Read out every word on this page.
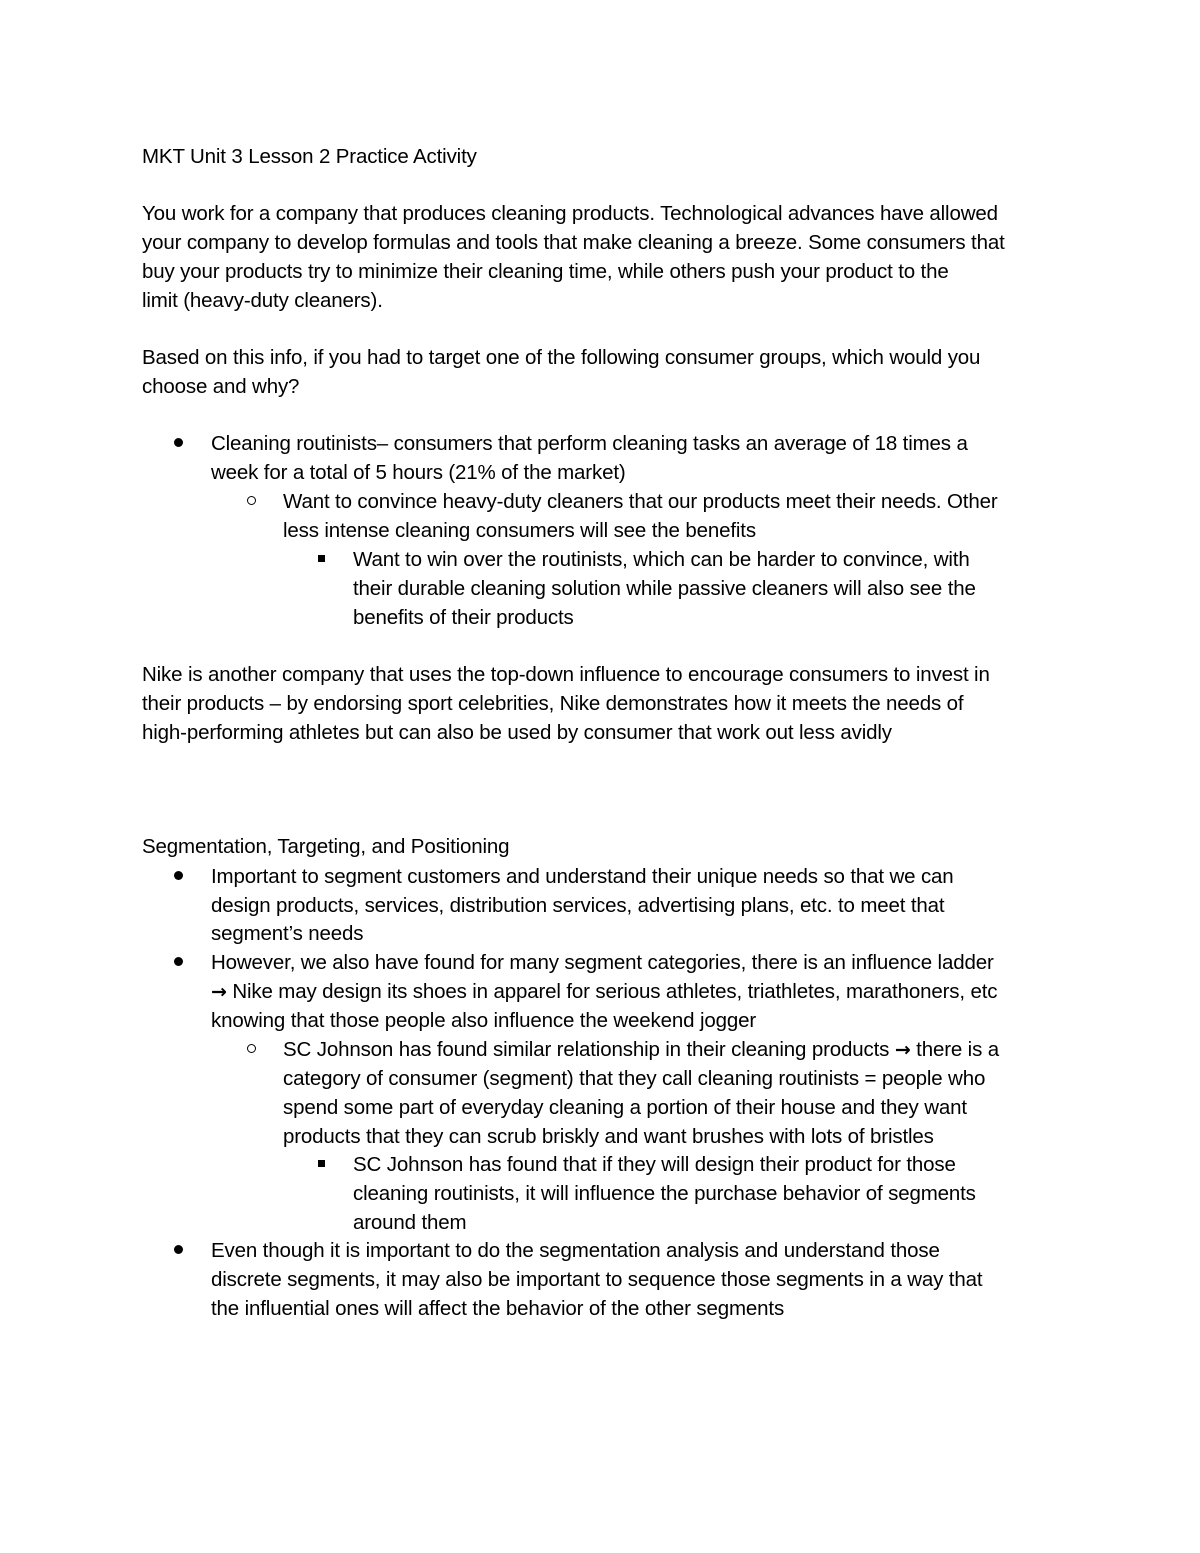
MKT Unit 3 Lesson 2 Practice Activity
You work for a company that produces cleaning products. Technological advances have allowed
your company to develop formulas and tools that make cleaning a breeze. Some consumers that
buy your products try to minimize their cleaning time, while others push your product to the
limit (heavy-duty cleaners).
Based on this info, if you had to target one of the following consumer groups, which would you
choose and why?
Cleaning routinists– consumers that perform cleaning tasks an average of 18 times a
week for a total of 5 hours (21% of the market)
Want to convince heavy-duty cleaners that our products meet their needs. Other
less intense cleaning consumers will see the benefits
Want to win over the routinists, which can be harder to convince, with
their durable cleaning solution while passive cleaners will also see the
benefits of their products
Nike is another company that uses the top-down influence to encourage consumers to invest in
their products – by endorsing sport celebrities, Nike demonstrates how it meets the needs of
high-performing athletes but can also be used by consumer that work out less avidly
Segmentation, Targeting, and Positioning
Important to segment customers and understand their unique needs so that we can
design products, services, distribution services, advertising plans, etc. to meet that
segment’s needs
However, we also have found for many segment categories, there is an influence ladder
→ Nike may design its shoes in apparel for serious athletes, triathletes, marathoners, etc
knowing that those people also influence the weekend jogger
SC Johnson has found similar relationship in their cleaning products → there is a
category of consumer (segment) that they call cleaning routinists = people who
spend some part of everyday cleaning a portion of their house and they want
products that they can scrub briskly and want brushes with lots of bristles
SC Johnson has found that if they will design their product for those
cleaning routinists, it will influence the purchase behavior of segments
around them
Even though it is important to do the segmentation analysis and understand those
discrete segments, it may also be important to sequence those segments in a way that
the influential ones will affect the behavior of the other segments
